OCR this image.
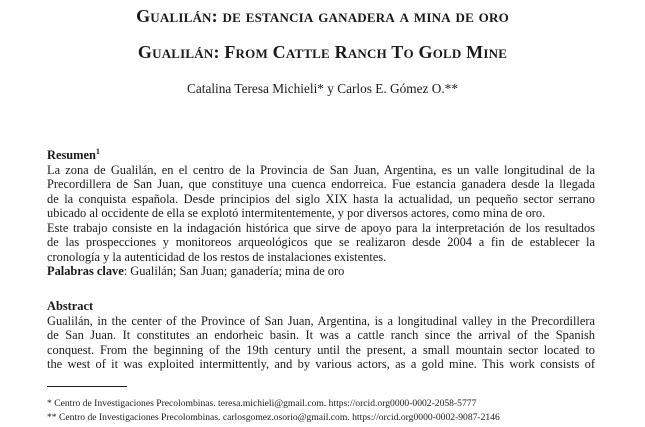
Gualilán: de estancia ganadera a mina de oro
Gualilán: From Cattle Ranch To Gold Mine
Catalina Teresa Michieli* y Carlos E. Gómez O.**
Resumen$^1$
La zona de Gualilán, en el centro de la Provincia de San Juan, Argentina, es un valle longitudinal de la
Precordillera de San Juan, que constituye una cuenca endorreica. Fue estancia ganadera desde la llegada
de la conquista española. Desde principios del siglo XIX hasta la actualidad, un pequeño sector serrano
ubicado al occidente de ella se explotó intermitentemente, y por diversos actores, como mina de oro.
Este trabajo consiste en la indagación histórica que sirve de apoyo para la interpretación de los resultados
de las prospecciones y monitoreos arqueológicos que se realizaron desde 2004 a fin de establecer la
cronología y la autenticidad de los restos de instalaciones existentes.
Palabras clave: Gualilán; San Juan; ganadería; mina de oro
Abstract
Gualilán, in the center of the Province of San Juan, Argentina, is a longitudinal valley in the Precordillera
de San Juan. It constitutes an endorheic basin. It was a cattle ranch since the arrival of the Spanish
conquest. From the beginning of the 19th century until the present, a small mountain sector located to
the west of it was exploited intermittently, and by various actors, as a gold mine. This work consists of
* Centro de Investigaciones Precolombinas. teresa.michieli@gmail.com. https://orcid.org0000-0002-2058-5777
** Centro de Investigaciones Precolombinas. carlosgomez.osorio@gmail.com. https://orcid.org0000-0002-9087-2146
